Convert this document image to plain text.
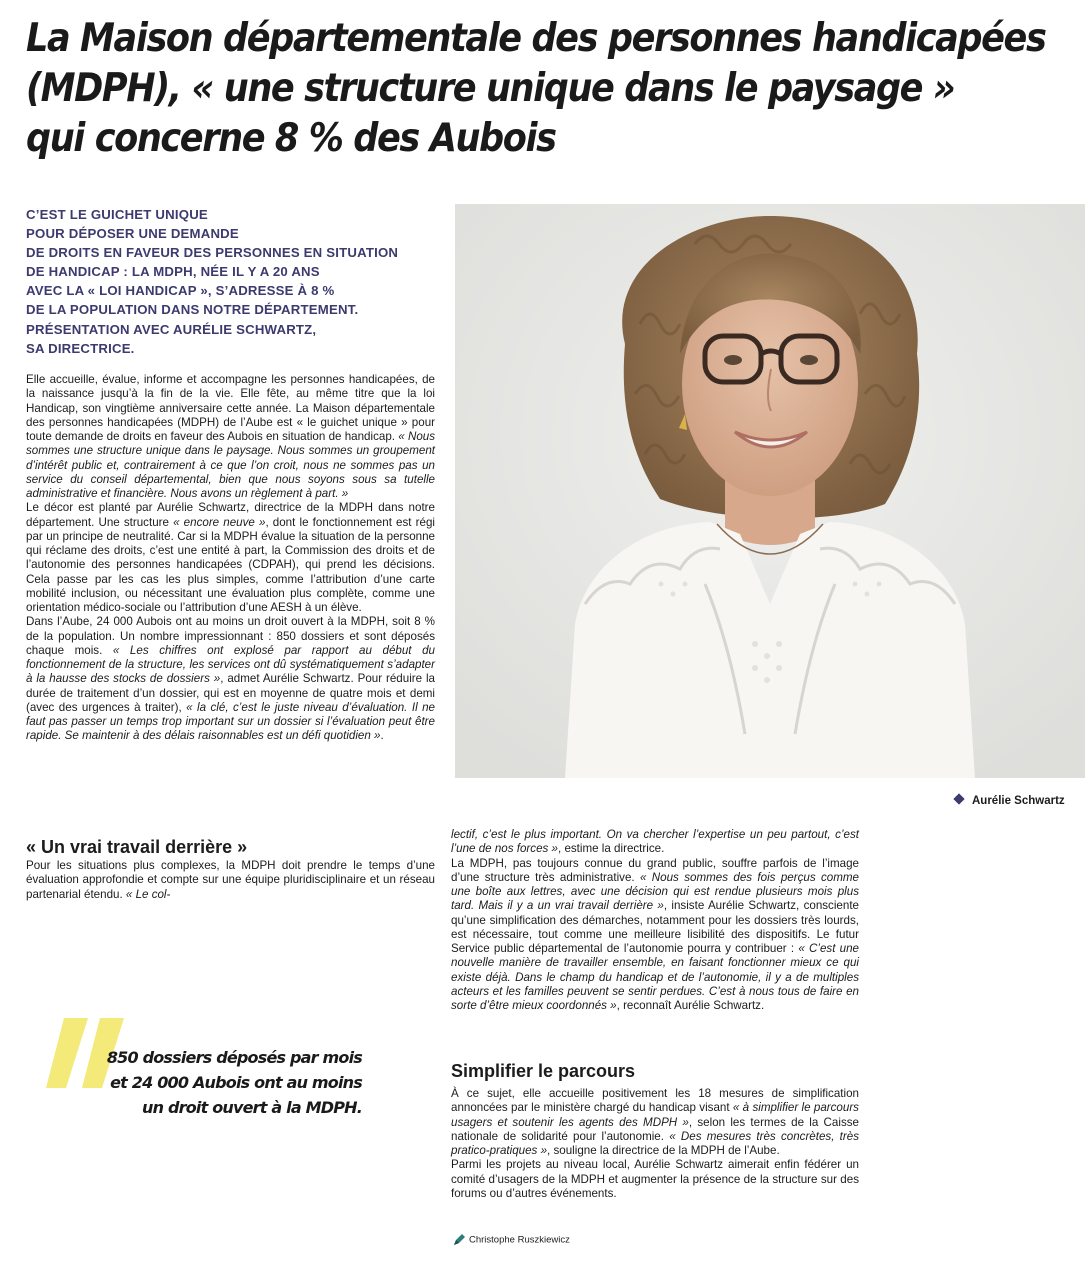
La Maison départementale des personnes handicapées
(MDPH), « une structure unique dans le paysage »
qui concerne 8 % des Aubois
C’EST LE GUICHET UNIQUE
POUR DÉPOSER UNE DEMANDE
DE DROITS EN FAVEUR DES PERSONNES EN SITUATION
DE HANDICAP : LA MDPH, NÉE IL Y A 20 ANS
AVEC LA « LOI HANDICAP », S’ADRESSE À 8 %
DE LA POPULATION DANS NOTRE DÉPARTEMENT.
PRÉSENTATION AVEC AURÉLIE SCHWARTZ,
SA DIRECTRICE.

Elle accueille, évalue, informe et accompagne les personnes handicapées, de la naissance jusqu’à la fin de la vie. Elle fête, au même titre que la loi Handicap, son vingtième anniversaire cette année. La Maison départementale des personnes handicapées (MDPH) de l’Aube est « le guichet unique » pour toute demande de droits en faveur des Aubois en situation de handicap. « Nous sommes une structure unique dans le paysage. Nous sommes un groupement d’intérêt public et, contrairement à ce que l’on croit, nous ne sommes pas un service du conseil départemental, bien que nous soyons sous sa tutelle administrative et financière. Nous avons un règlement à part. »

Le décor est planté par Aurélie Schwartz, directrice de la MDPH dans notre département. Une structure « encore neuve », dont le fonctionnement est régi par un principe de neutralité. Car si la MDPH évalue la situation de la personne qui réclame des droits, c’est une entité à part, la Commission des droits et de l’autonomie des personnes handicapées (CDPAH), qui prend les décisions. Cela passe par les cas les plus simples, comme l’attribution d’une carte mobilité inclusion, ou nécessitant une évaluation plus complète, comme une orientation médico-sociale ou l’attribution d’une AESH à un élève.

Dans l’Aube, 24 000 Aubois ont au moins un droit ouvert à la MDPH, soit 8 % de la population. Un nombre impressionnant : 850 dossiers et sont déposés chaque mois. « Les chiffres ont explosé par rapport au début du fonctionnement de la structure, les services ont dû systématiquement s’adapter à la hausse des stocks de dossiers », admet Aurélie Schwartz. Pour réduire la durée de traitement d’un dossier, qui est en moyenne de quatre mois et demi (avec des urgences à traiter), « la clé, c’est le juste niveau d’évaluation. Il ne faut pas passer un temps trop important sur un dossier si l’évaluation peut être rapide. Se maintenir à des délais raisonnables est un défi quotidien ».

Aurélie Schwartz
« Un vrai travail derrière »

Pour les situations plus complexes, la MDPH doit prendre le temps d’une évaluation approfondie et compte sur une équipe pluridisciplinaire et un réseau partenarial étendu. « Le col-

850 dossiers déposés par mois
et 24 000 Aubois ont au moins
un droit ouvert à la MDPH.

lectif, c’est le plus important. On va chercher l’expertise un peu partout, c’est l’une de nos forces », estime la directrice.

La MDPH, pas toujours connue du grand public, souffre parfois de l’image d’une structure très administrative. « Nous sommes des fois perçus comme une boîte aux lettres, avec une décision qui est rendue plusieurs mois plus tard. Mais il y a un vrai travail derrière », insiste Aurélie Schwartz, consciente qu’une simplification des démarches, notamment pour les dossiers très lourds, est nécessaire, tout comme une meilleure lisibilité des dispositifs. Le futur Service public départemental de l’autonomie pourra y contribuer : « C’est une nouvelle manière de travailler ensemble, en faisant fonctionner mieux ce qui existe déjà. Dans le champ du handicap et de l’autonomie, il y a de multiples acteurs et les familles peuvent se sentir perdues. C’est à nous tous de faire en sorte d’être mieux coordonnés », reconnaît Aurélie Schwartz.

Simplifier le parcours

À ce sujet, elle accueille positivement les 18 mesures de simplification annoncées par le ministère chargé du handicap visant « à simplifier le parcours usagers et soutenir les agents des MDPH », selon les termes de la Caisse nationale de solidarité pour l’autonomie. « Des mesures très concrètes, très pratico-pratiques », souligne la directrice de la MDPH de l’Aube.

Parmi les projets au niveau local, Aurélie Schwartz aimerait enfin fédérer un comité d’usagers de la MDPH et augmenter la présence de la structure sur des forums ou d’autres événements.

Christophe Ruszkiewicz
